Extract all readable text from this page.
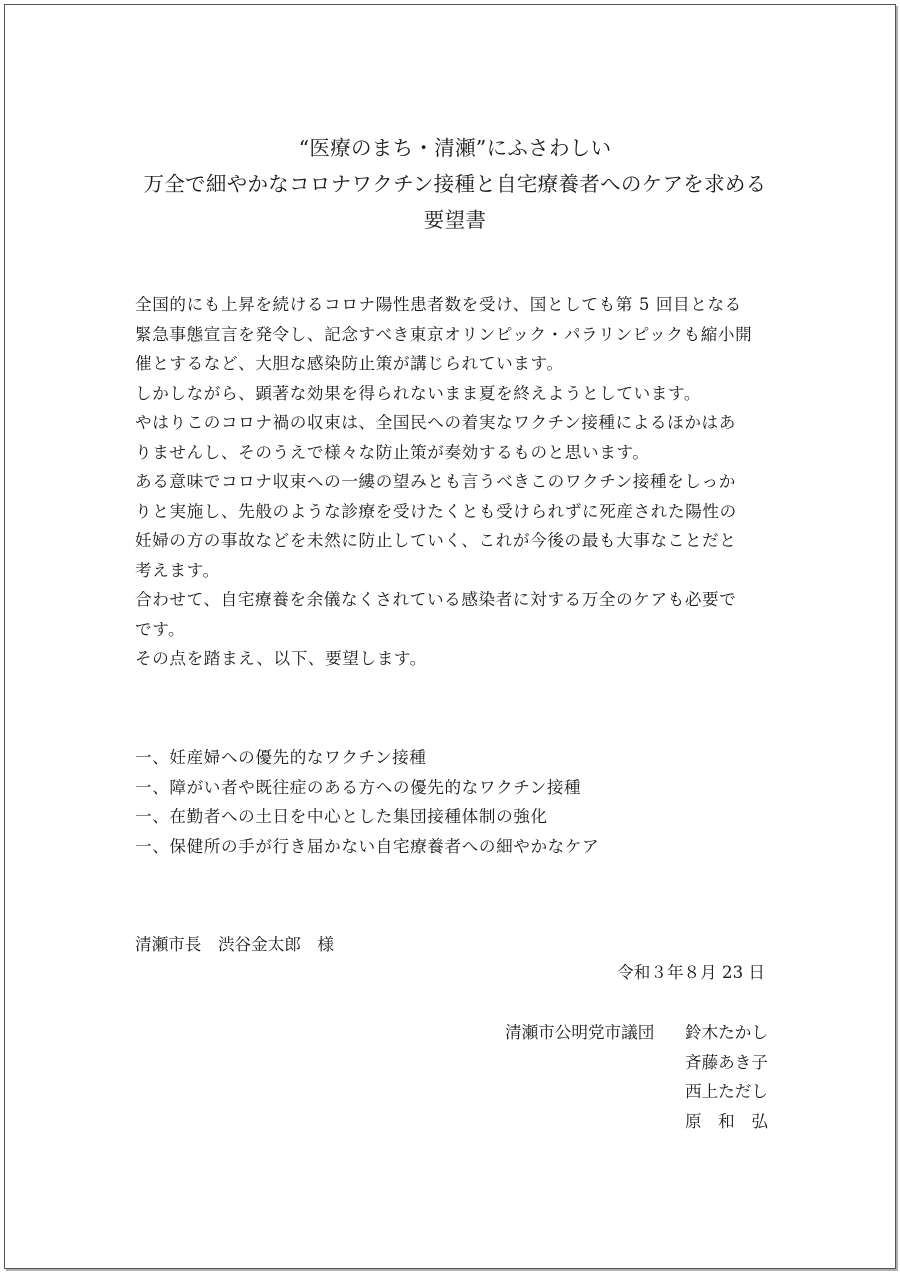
“医療のまち・清瀬”にふさわしい
万全で細やかなコロナワクチン接種と自宅療養者へのケアを求める
要望書
全国的にも上昇を続けるコロナ陽性患者数を受け、国としても第 5 回目となる
緊急事態宣言を発令し、記念すべき東京オリンピック・パラリンピックも縮小開
催とするなど、大胆な感染防止策が講じられています。
しかしながら、顕著な効果を得られないまま夏を終えようとしています。
やはりこのコロナ禍の収束は、全国民への着実なワクチン接種によるほかはあ
りませんし、そのうえで様々な防止策が奏効するものと思います。
ある意味でコロナ収束への一縷の望みとも言うべきこのワクチン接種をしっか
りと実施し、先般のような診療を受けたくとも受けられずに死産された陽性の
妊婦の方の事故などを未然に防止していく、これが今後の最も大事なことだと
考えます。
合わせて、自宅療養を余儀なくされている感染者に対する万全のケアも必要で
です。
その点を踏まえ、以下、要望します。
一、妊産婦への優先的なワクチン接種
一、障がい者や既往症のある方への優先的なワクチン接種
一、在勤者への土日を中心とした集団接種体制の強化
一、保健所の手が行き届かない自宅療養者への細やかなケア
清瀬市長　渋谷金太郎　様
令和３年８月 23 日
清瀬市公明党市議団	鈴木たかし
斉藤あき子
西上ただし
原　和　弘
